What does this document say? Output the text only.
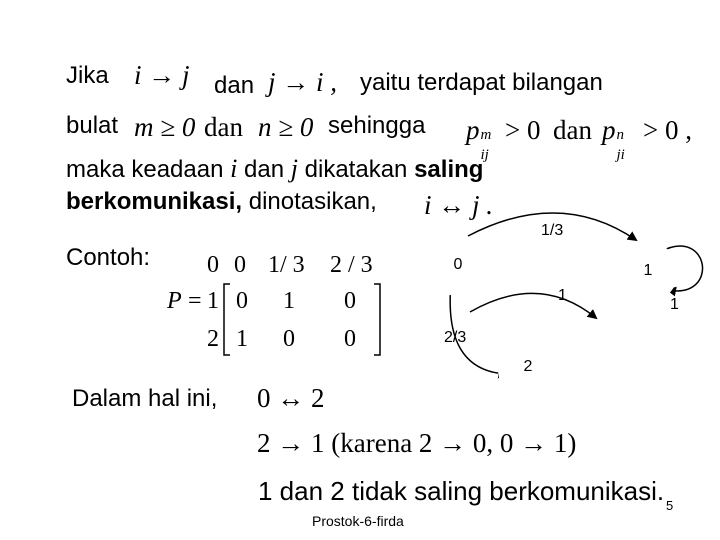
Jika i → j dan j → i , yaitu terdapat bilangan
bulat m ≥ 0 dan n ≥ 0 sehingga p m
ij
> 0 dan p n
ji
> 0 ,
maka keadaan i dan j dikatakan saling
berkomunikasi, dinotasikan, i ↔ j .
Contoh: 0 0 1/ 3 2 / 3
P = 1 0 1 0
2 1 0 0
0	1
2
1/3
1
1
2/3
Dalam hal ini, 0 ↔ 2
2 → 1 (karena 2 → 0, 0 → 1)
1 dan 2 tidak saling berkomunikasi.
Prostok-6-firda
5
